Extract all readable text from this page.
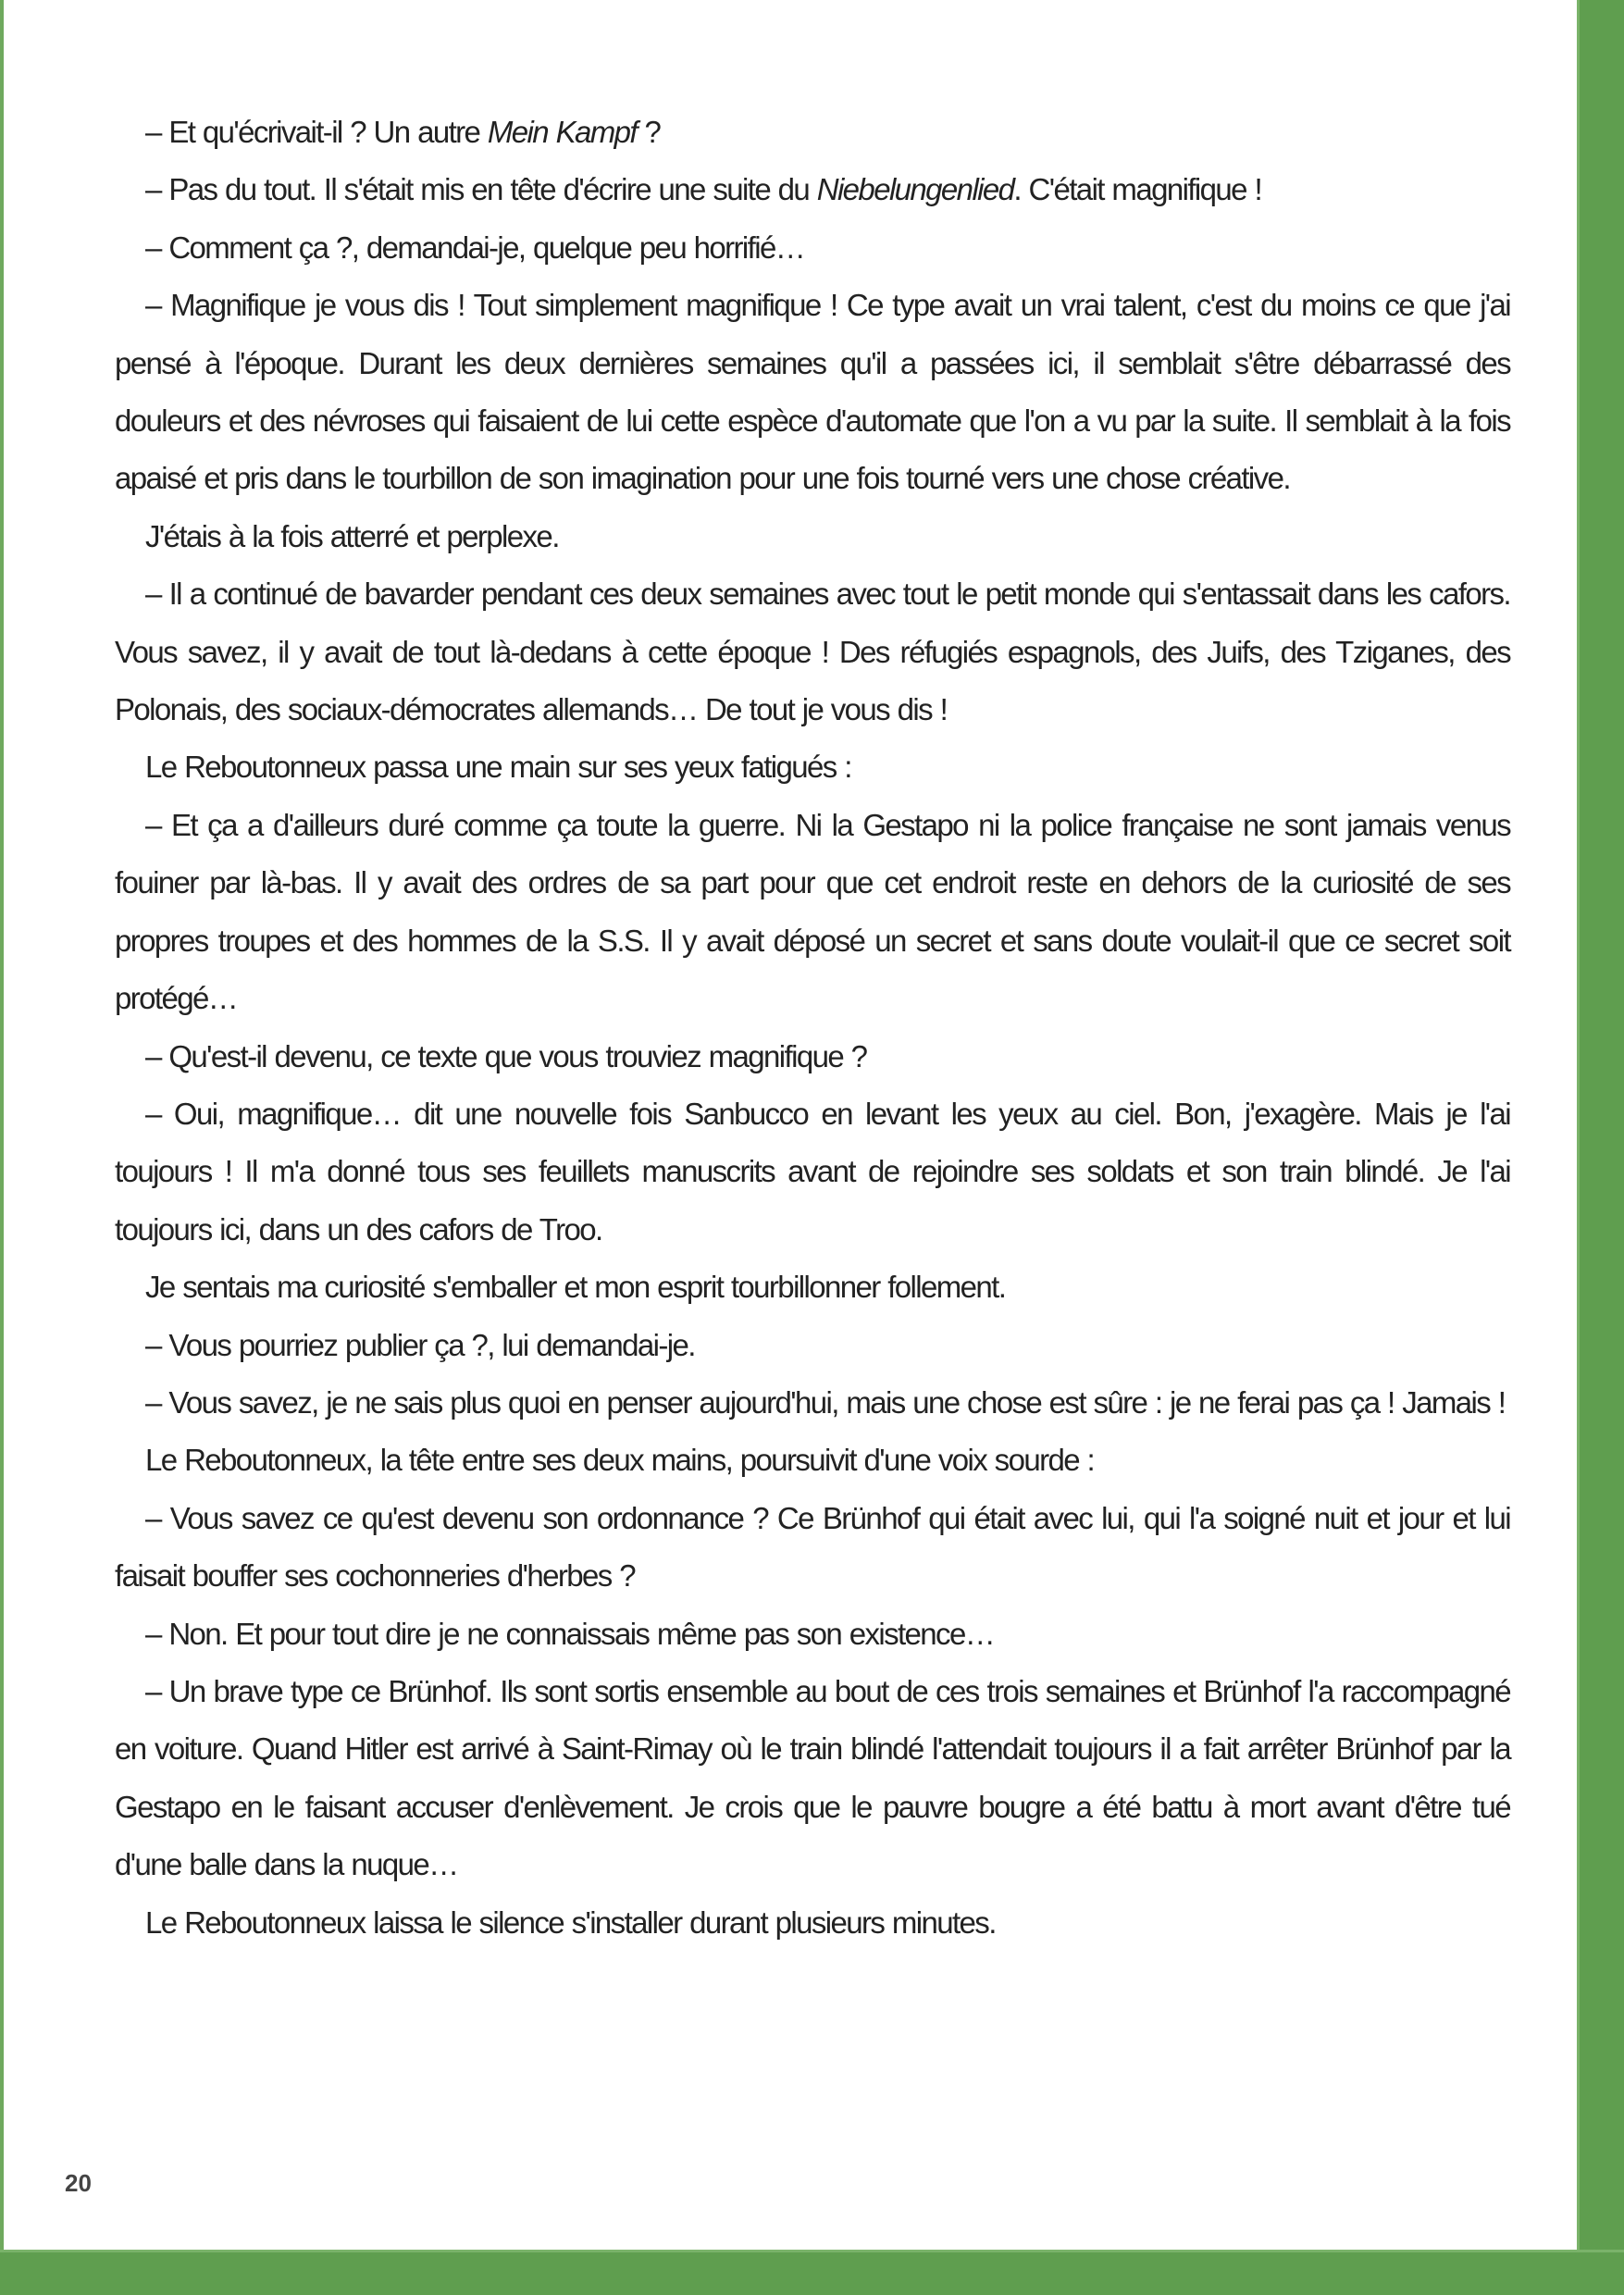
– Et qu'écrivait-il ? Un autre Mein Kampf ?

– Pas du tout. Il s'était mis en tête d'écrire une suite du Niebelungenlied. C'était magnifique !

– Comment ça ?, demandai-je, quelque peu horrifié…

– Magnifique je vous dis ! Tout simplement magnifique ! Ce type avait un vrai talent, c'est du moins ce que j'ai pensé à l'époque. Durant les deux dernières semaines qu'il a passées ici, il semblait s'être débarrassé des douleurs et des névroses qui faisaient de lui cette espèce d'automate que l'on a vu par la suite. Il semblait à la fois apaisé et pris dans le tourbillon de son imagination pour une fois tourné vers une chose créative.

J'étais à la fois atterré et perplexe.

– Il a continué de bavarder pendant ces deux semaines avec tout le petit monde qui s'entassait dans les cafors. Vous savez, il y avait de tout là-dedans à cette époque ! Des réfugiés espagnols, des Juifs, des Tziganes, des Polonais, des sociaux-démocrates allemands… De tout je vous dis !

Le Reboutonneux passa une main sur ses yeux fatigués :

– Et ça a d'ailleurs duré comme ça toute la guerre. Ni la Gestapo ni la police française ne sont jamais venus fouiner par là-bas. Il y avait des ordres de sa part pour que cet endroit reste en dehors de la curiosité de ses propres troupes et des hommes de la S.S. Il y avait déposé un secret et sans doute voulait-il que ce secret soit protégé…

– Qu'est-il devenu, ce texte que vous trouviez magnifique ?

– Oui, magnifique… dit une nouvelle fois Sanbucco en levant les yeux au ciel. Bon, j'exagère. Mais je l'ai toujours ! Il m'a donné tous ses feuillets manuscrits avant de rejoindre ses soldats et son train blindé. Je l'ai toujours ici, dans un des cafors de Troo.

Je sentais ma curiosité s'emballer et mon esprit tourbillonner follement.

– Vous pourriez publier ça ?, lui demandai-je.

– Vous savez, je ne sais plus quoi en penser aujourd'hui, mais une chose est sûre : je ne ferai pas ça ! Jamais !

Le Reboutonneux, la tête entre ses deux mains, poursuivit d'une voix sourde :

– Vous savez ce qu'est devenu son ordonnance ? Ce Brünhof qui était avec lui, qui l'a soigné nuit et jour et lui faisait bouffer ses cochonneries d'herbes ?

– Non. Et pour tout dire je ne connaissais même pas son existence…

– Un brave type ce Brünhof. Ils sont sortis ensemble au bout de ces trois semaines et Brünhof l'a raccompagné en voiture. Quand Hitler est arrivé à Saint-Rimay où le train blindé l'attendait toujours il a fait arrêter Brünhof par la Gestapo en le faisant accuser d'enlèvement. Je crois que le pauvre bougre a été battu à mort avant d'être tué d'une balle dans la nuque…

Le Reboutonneux laissa le silence s'installer durant plusieurs minutes.

20
